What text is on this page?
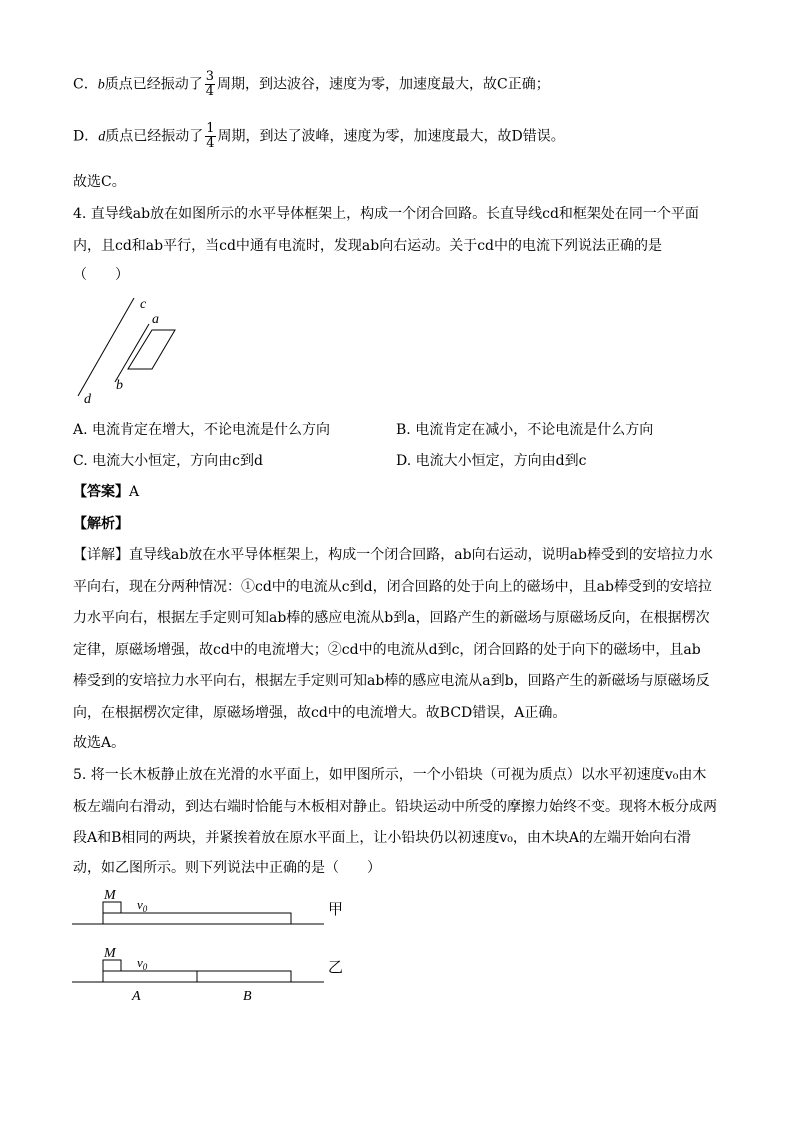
C．b质点已经振动了 $\frac{3}{4}$ 周期，到达波谷，速度为零，加速度最大，故C正确；
D．d质点已经振动了 $\frac{1}{4}$ 周期，到达了波峰，速度为零，加速度最大，故D错误。
故选C。
4. 直导线ab放在如图所示的水平导体框架上，构成一个闭合回路。长直导线cd和框架处在同一个平面
内，且cd和ab平行，当cd中通有电流时，发现ab向右运动。关于cd中的电流下列说法正确的是
（　　）
c
a
b
d
A. 电流肯定在增大，不论电流是什么方向	B. 电流肯定在减小，不论电流是什么方向
C. 电流大小恒定，方向由c到d	D. 电流大小恒定，方向由d到c
【答案】A
【解析】
【详解】直导线ab放在水平导体框架上，构成一个闭合回路，ab向右运动，说明ab棒受到的安培拉力水
平向右，现在分两种情况：①cd中的电流从c到d，闭合回路的处于向上的磁场中，且ab棒受到的安培拉
力水平向右，根据左手定则可知ab棒的感应电流从b到a，回路产生的新磁场与原磁场反向，在根据楞次
定律，原磁场增强，故cd中的电流增大；②cd中的电流从d到c，闭合回路的处于向下的磁场中，且ab
棒受到的安培拉力水平向右，根据左手定则可知ab棒的感应电流从a到b，回路产生的新磁场与原磁场反
向，在根据楞次定律，原磁场增强，故cd中的电流增大。故BCD错误，A正确。
故选A。
5. 将一长木板静止放在光滑的水平面上，如甲图所示，一个小铅块（可视为质点）以水平初速度v₀由木
板左端向右滑动，到达右端时恰能与木板相对静止。铅块运动中所受的摩擦力始终不变。现将木板分成两
段A和B相同的两块，并紧挨着放在原水平面上，让小铅块仍以初速度v₀，由木块A的左端开始向右滑
动，如乙图所示。则下列说法中正确的是（　　）
M
$v_0$	甲
M
$v_0$	乙
A	B
